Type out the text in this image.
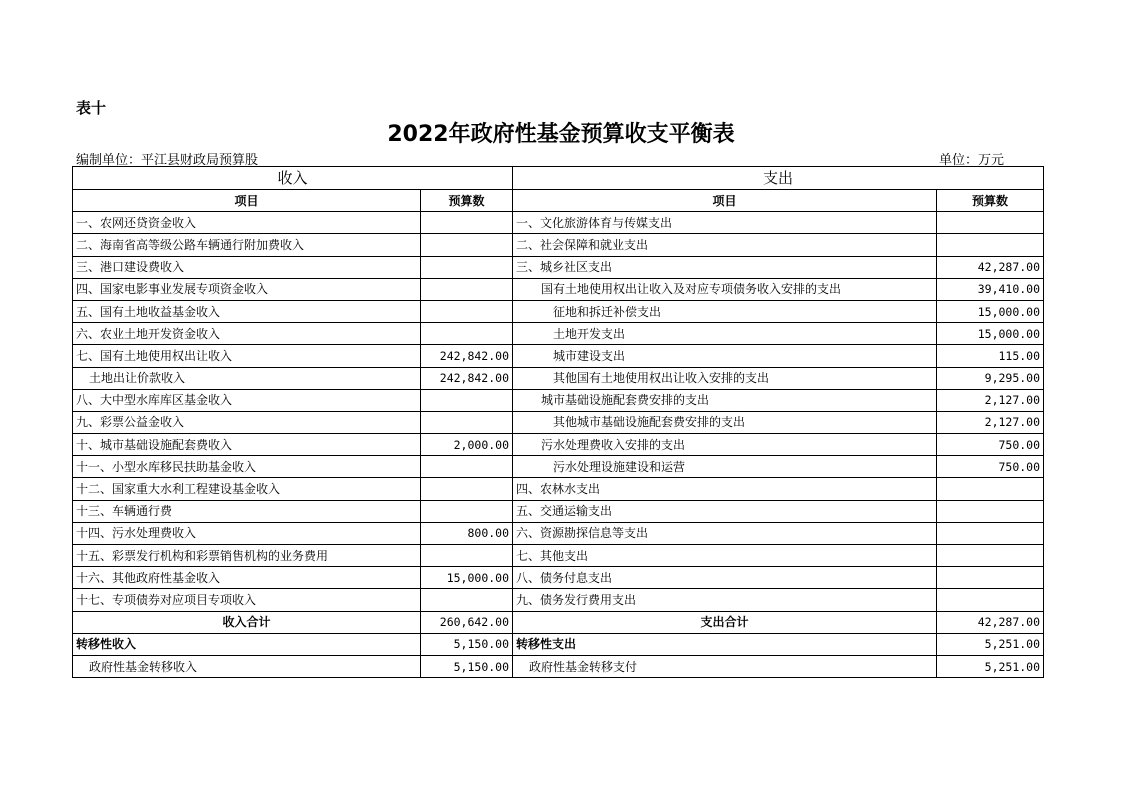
表十
2022年政府性基金预算收支平衡表
编制单位：平江县财政局预算股	单位：万元
收入		支出	
项目	预算数	项目	预算数
一、农网还贷资金收入		一、文化旅游体育与传媒支出	
二、海南省高等级公路车辆通行附加费收入		二、社会保障和就业支出	
三、港口建设费收入		三、城乡社区支出	42,287.00
四、国家电影事业发展专项资金收入		国有土地使用权出让收入及对应专项债务收入安排的支出	39,410.00
五、国有土地收益基金收入		征地和拆迁补偿支出	15,000.00
六、农业土地开发资金收入		土地开发支出	15,000.00
七、国有土地使用权出让收入	242,842.00	城市建设支出	115.00
土地出让价款收入	242,842.00	其他国有土地使用权出让收入安排的支出	9,295.00
八、大中型水库库区基金收入		城市基础设施配套费安排的支出	2,127.00
九、彩票公益金收入		其他城市基础设施配套费安排的支出	2,127.00
十、城市基础设施配套费收入	2,000.00	污水处理费收入安排的支出	750.00
十一、小型水库移民扶助基金收入		污水处理设施建设和运营	750.00
十二、国家重大水利工程建设基金收入		四、农林水支出	
十三、车辆通行费		五、交通运输支出	
十四、污水处理费收入	800.00	六、资源勘探信息等支出	
十五、彩票发行机构和彩票销售机构的业务费用		七、其他支出	
十六、其他政府性基金收入	15,000.00	八、债务付息支出	
十七、专项债券对应项目专项收入		九、债务发行费用支出	
收入合计	260,642.00	支出合计	42,287.00
转移性收入	5,150.00	转移性支出	5,251.00
政府性基金转移收入	5,150.00	政府性基金转移支付	5,251.00
